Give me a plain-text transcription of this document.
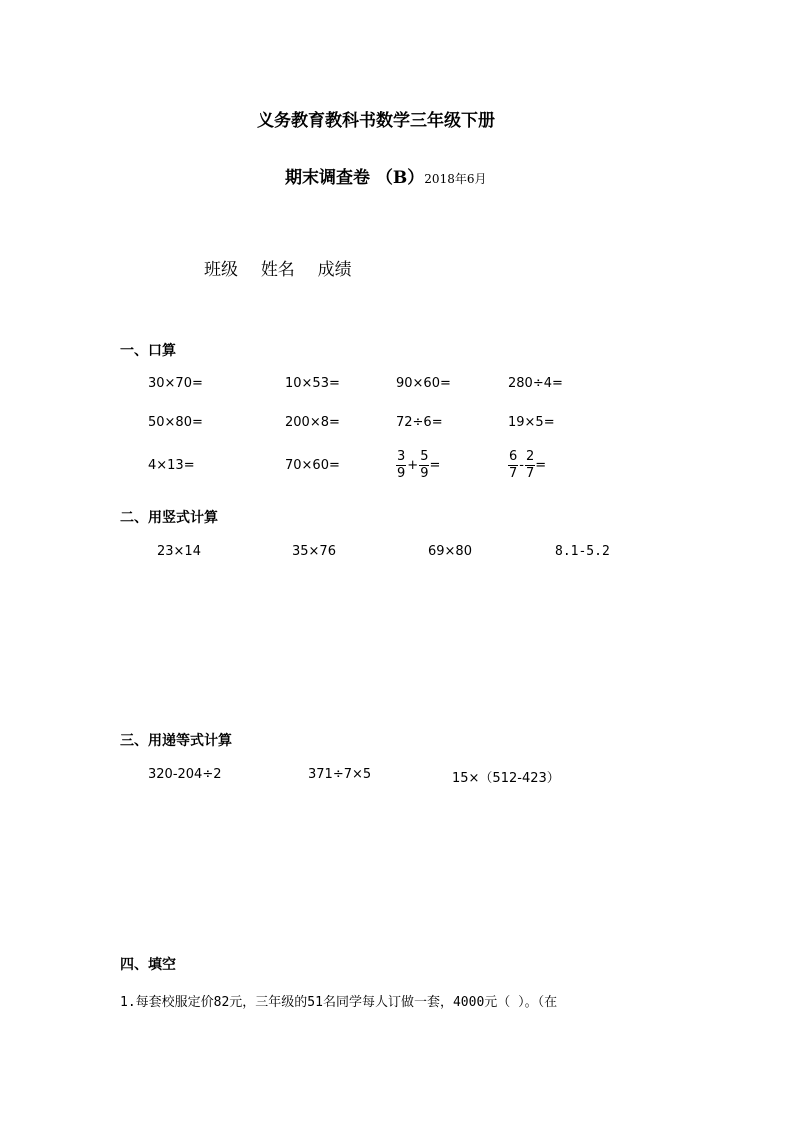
义务教育教科书数学三年级下册
期末调查卷 （B）2018年6月
班级 姓名 成绩
一、口算
30×70=	10×53=	90×60=	280÷4=
50×80=	200×8=	72÷6=	19×5=
4×13=	70×60=	$\frac{3}{9} + \frac{5}{9}$ =	$\frac{6}{7} - \frac{2}{7}$ =
二、用竖式计算
23×14	35×76	69×80	8.1-5.2
三、用递等式计算
320-204÷2	371÷7×5	15×（512-423）
四、填空
1.每套校服定价82元，三年级的51名同学每人订做一套，4000元（ ）。（在
